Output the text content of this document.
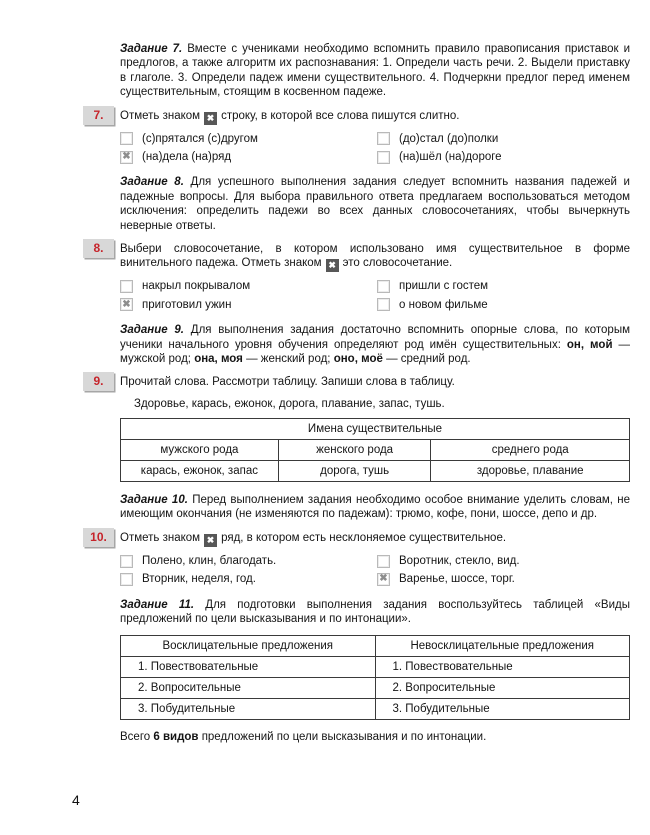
Задание 7. Вместе с учениками необходимо вспомнить правило правописания приставок и предлогов, а также алгоритм их распознавания: 1. Определи часть речи. 2. Выдели приставку в глаголе. 3. Определи падеж имени существительного. 4. Подчеркни предлог перед именем существительным, стоящим в косвенном падеже.

7. Отметь знаком ✖ строку, в которой все слова пишутся слитно.

(с)прятался (с)другом	(до)стал (до)полки
✖ (на)дела (на)ряд	(на)шёл (на)дороге

Задание 8. Для успешного выполнения задания следует вспомнить названия падежей и падежные вопросы. Для выбора правильного ответа предлагаем воспользоваться методом исключения: определить падежи во всех данных словосочетаниях, чтобы вычеркнуть неверные ответы.

8. Выбери словосочетание, в котором использовано имя существительное в форме винительного падежа. Отметь знаком ✖ это словосочетание.

накрыл покрывалом	пришли с гостем
✖ приготовил ужин	о новом фильме

Задание 9. Для выполнения задания достаточно вспомнить опорные слова, по которым ученики начального уровня обучения определяют род имён существительных: он, мой — мужской род; она, моя — женский род; оно, моё — средний род.

9. Прочитай слова. Рассмотри таблицу. Запиши слова в таблицу.

Здоровье, карась, ежонок, дорога, плавание, запас, тушь.

Имена существительные		
мужского рода	женского рода	среднего рода
карась, ежонок, запас	дорога, тушь	здоровье, плавание

Задание 10. Перед выполнением задания необходимо особое внимание уделить словам, не имеющим окончания (не изменяются по падежам): трюмо, кофе, пони, шоссе, депо и др.

10. Отметь знаком ✖ ряд, в котором есть несклоняемое существительное.

Полено, клин, благодать.	Воротник, стекло, вид.
Вторник, неделя, год.	✖ Варенье, шоссе, торг.

Задание 11. Для подготовки выполнения задания воспользуйтесь таблицей «Виды предложений по цели высказывания и по интонации».

Восклицательные предложения	Невосклицательные предложения
1. Повествовательные	1. Повествовательные
2. Вопросительные	2. Вопросительные
3. Побудительные	3. Побудительные

Всего 6 видов предложений по цели высказывания и по интонации.

4
